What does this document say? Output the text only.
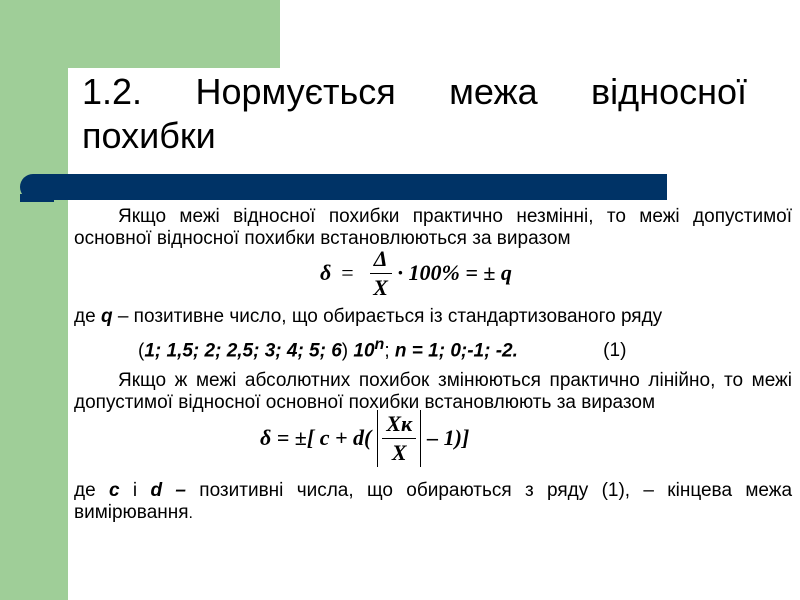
1.2. Нормується межа відносної похибки

Якщо межі відносної похибки практично незмінні, то межі допустимої основної відносної похибки встановлюються за виразом

$\delta = \frac{\Delta}{X} \cdot 100\%$ = ± q

де q – позитивне число, що обирається із стандартизованого ряду

(1; 1,5; 2; 2,5; 3; 4; 5; 6) 10$^n$; n = 1; 0;-1; -2.	(1)

Якщо ж межі абсолютних похибок змінюються практично лінійно, то межі допустимої відносної основної похибки встановлюють за виразом

δ = ±[ $c + d( \frac{Xк}{X} - 1)$]

де c і d – позитивні числа, що обираються з ряду (1), – кінцева межа вимірювання.
